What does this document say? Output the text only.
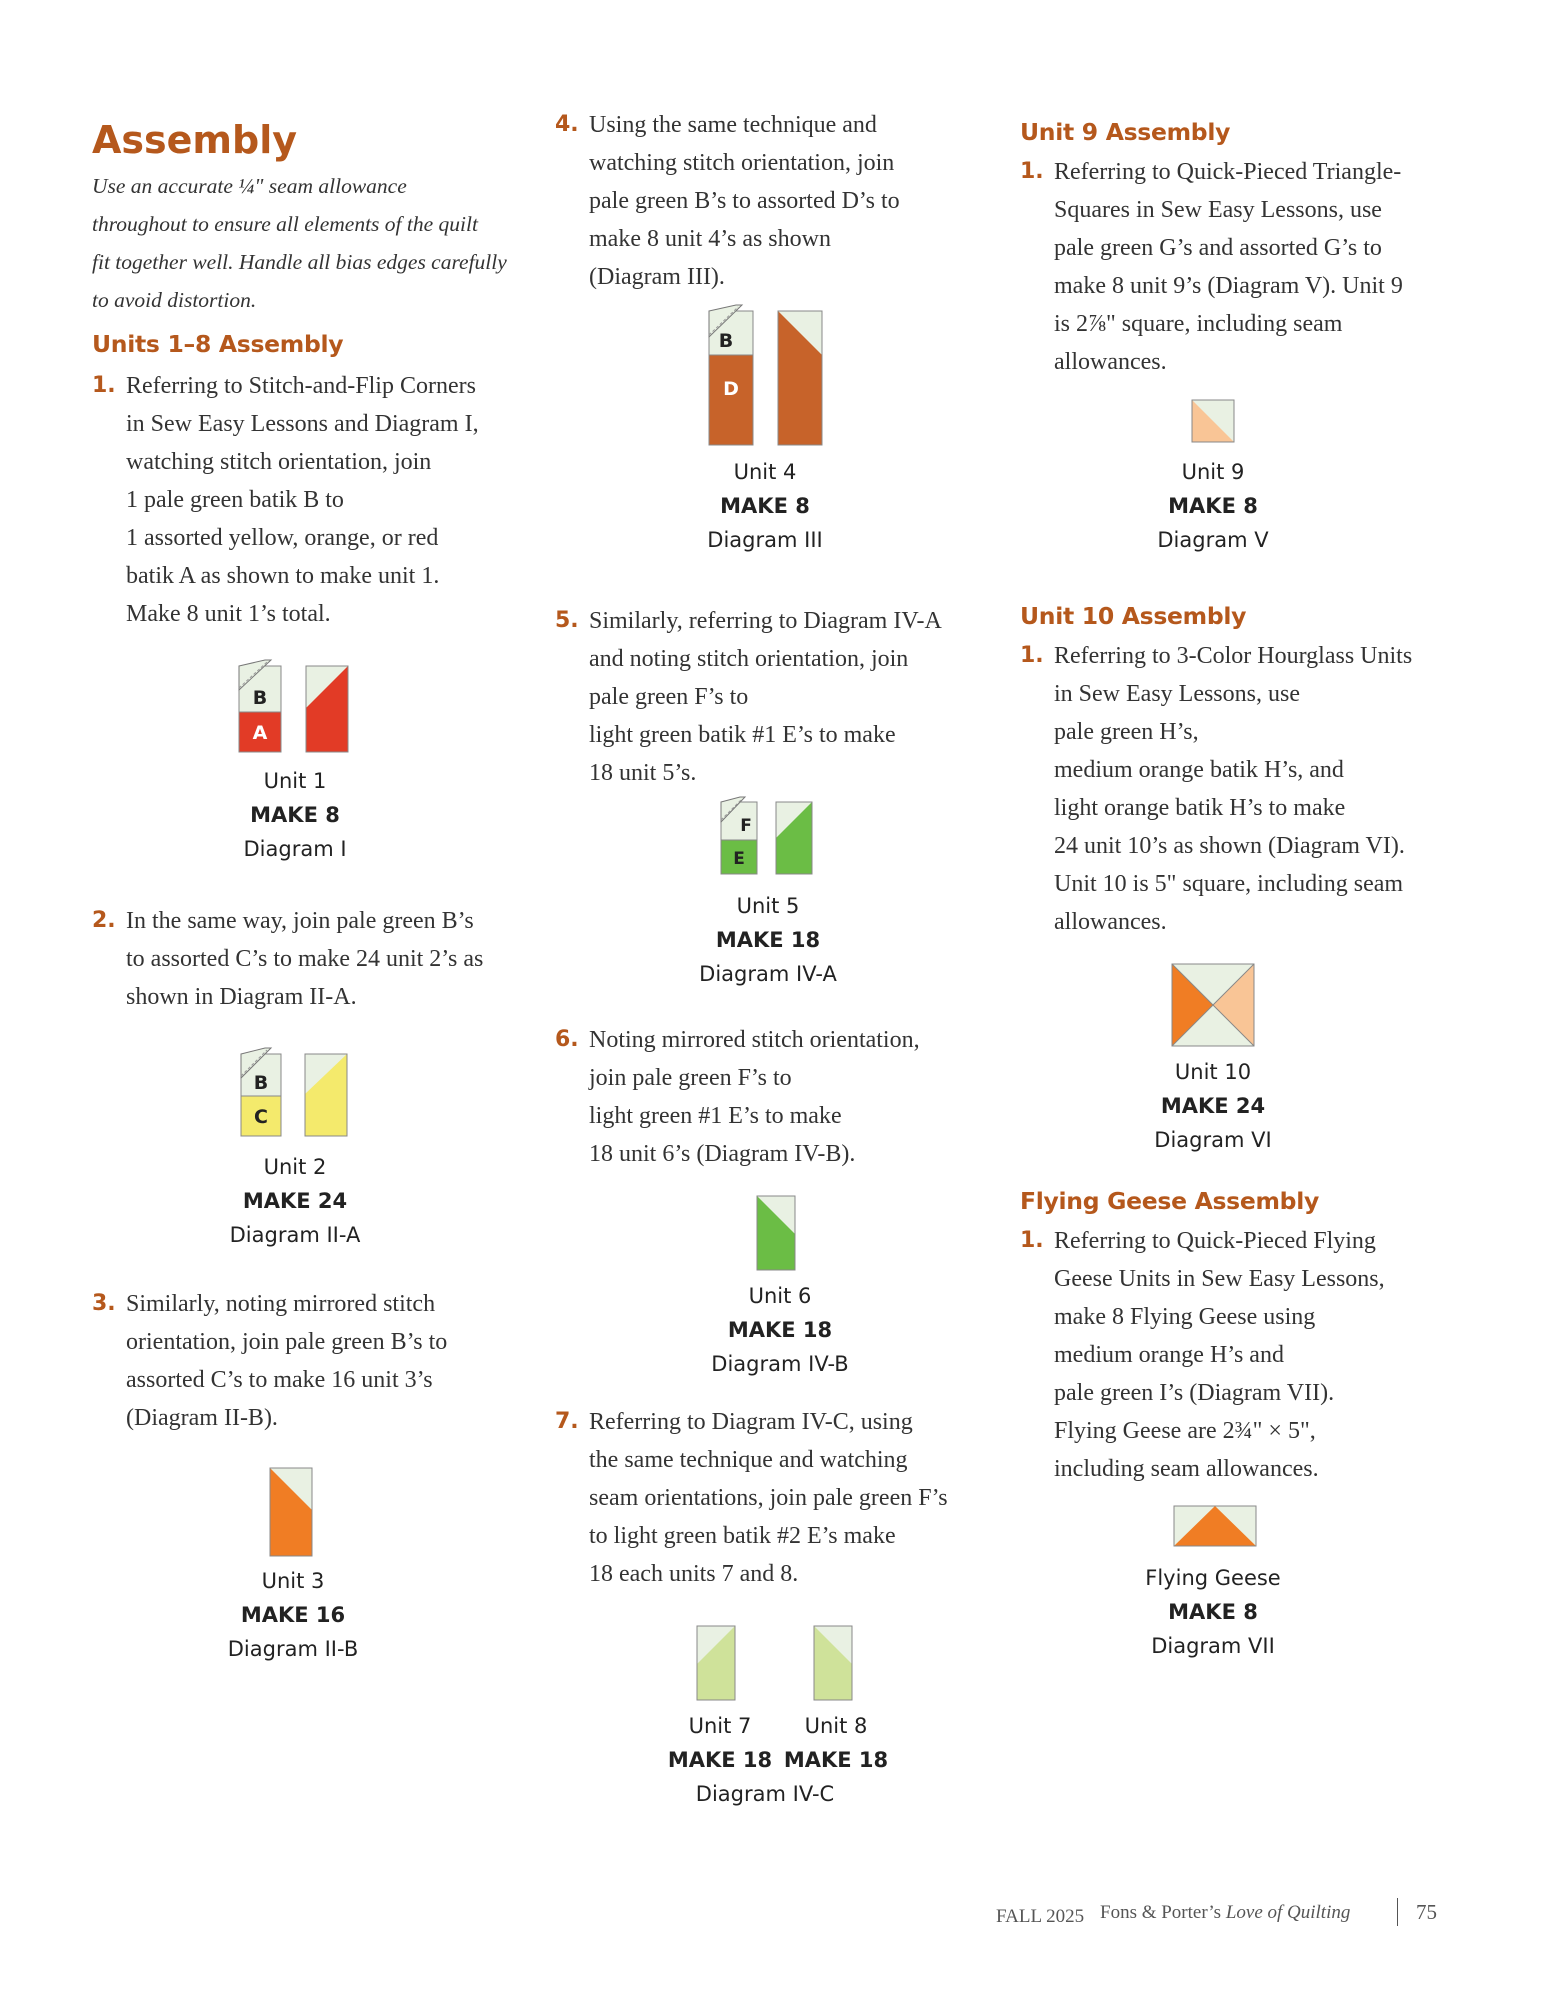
Assembly
Use an accurate ¼" seam allowance
throughout to ensure all elements of the quilt
fit together well. Handle all bias edges carefully
to avoid distortion.
Units 1–8 Assembly
1. Referring to Stitch-and-Flip Corners
in Sew Easy Lessons and Diagram I,
watching stitch orientation, join
1 pale green batik B to
1 assorted yellow, orange, or red
batik A as shown to make unit 1.
Make 8 unit 1’s total.
B
A
Unit 1
MAKE 8
Diagram I
2. In the same way, join pale green B’s
to assorted C’s to make 24 unit 2’s as
shown in Diagram II-A.
B
C
Unit 2
MAKE 24
Diagram II-A
3. Similarly, noting mirrored stitch
orientation, join pale green B’s to
assorted C’s to make 16 unit 3’s
(Diagram II-B).
Unit 3
MAKE 16
Diagram II-B
4. Using the same technique and
watching stitch orientation, join
pale green B’s to assorted D’s to
make 8 unit 4’s as shown
(Diagram III).
B
D
Unit 4
MAKE 8
Diagram III
5. Similarly, referring to Diagram IV-A
and noting stitch orientation, join
pale green F’s to
light green batik #1 E’s to make
18 unit 5’s.
F
E
Unit 5
MAKE 18
Diagram IV-A
6. Noting mirrored stitch orientation,
join pale green F’s to
light green #1 E’s to make
18 unit 6’s (Diagram IV-B).
Unit 6
MAKE 18
Diagram IV-B
7. Referring to Diagram IV-C, using
the same technique and watching
seam orientations, join pale green F’s
to light green batik #2 E’s make
18 each units 7 and 8.
Unit 7
MAKE 18
Unit 8
MAKE 18
Diagram IV-C
Unit 9 Assembly
1. Referring to Quick-Pieced Triangle-
Squares in Sew Easy Lessons, use
pale green G’s and assorted G’s to
make 8 unit 9’s (Diagram V). Unit 9
is 2⅞" square, including seam
allowances.
Unit 9
MAKE 8
Diagram V
Unit 10 Assembly
1. Referring to 3-Color Hourglass Units
in Sew Easy Lessons, use
pale green H’s,
medium orange batik H’s, and
light orange batik H’s to make
24 unit 10’s as shown (Diagram VI).
Unit 10 is 5" square, including seam
allowances.
Unit 10
MAKE 24
Diagram VI
Flying Geese Assembly
1. Referring to Quick-Pieced Flying
Geese Units in Sew Easy Lessons,
make 8 Flying Geese using
medium orange H’s and
pale green I’s (Diagram VII).
Flying Geese are 2¾" × 5",
including seam allowances.
Flying Geese
MAKE 8
Diagram VII
FALL 2025 Fons & Porter’s Love of Quilting	75
